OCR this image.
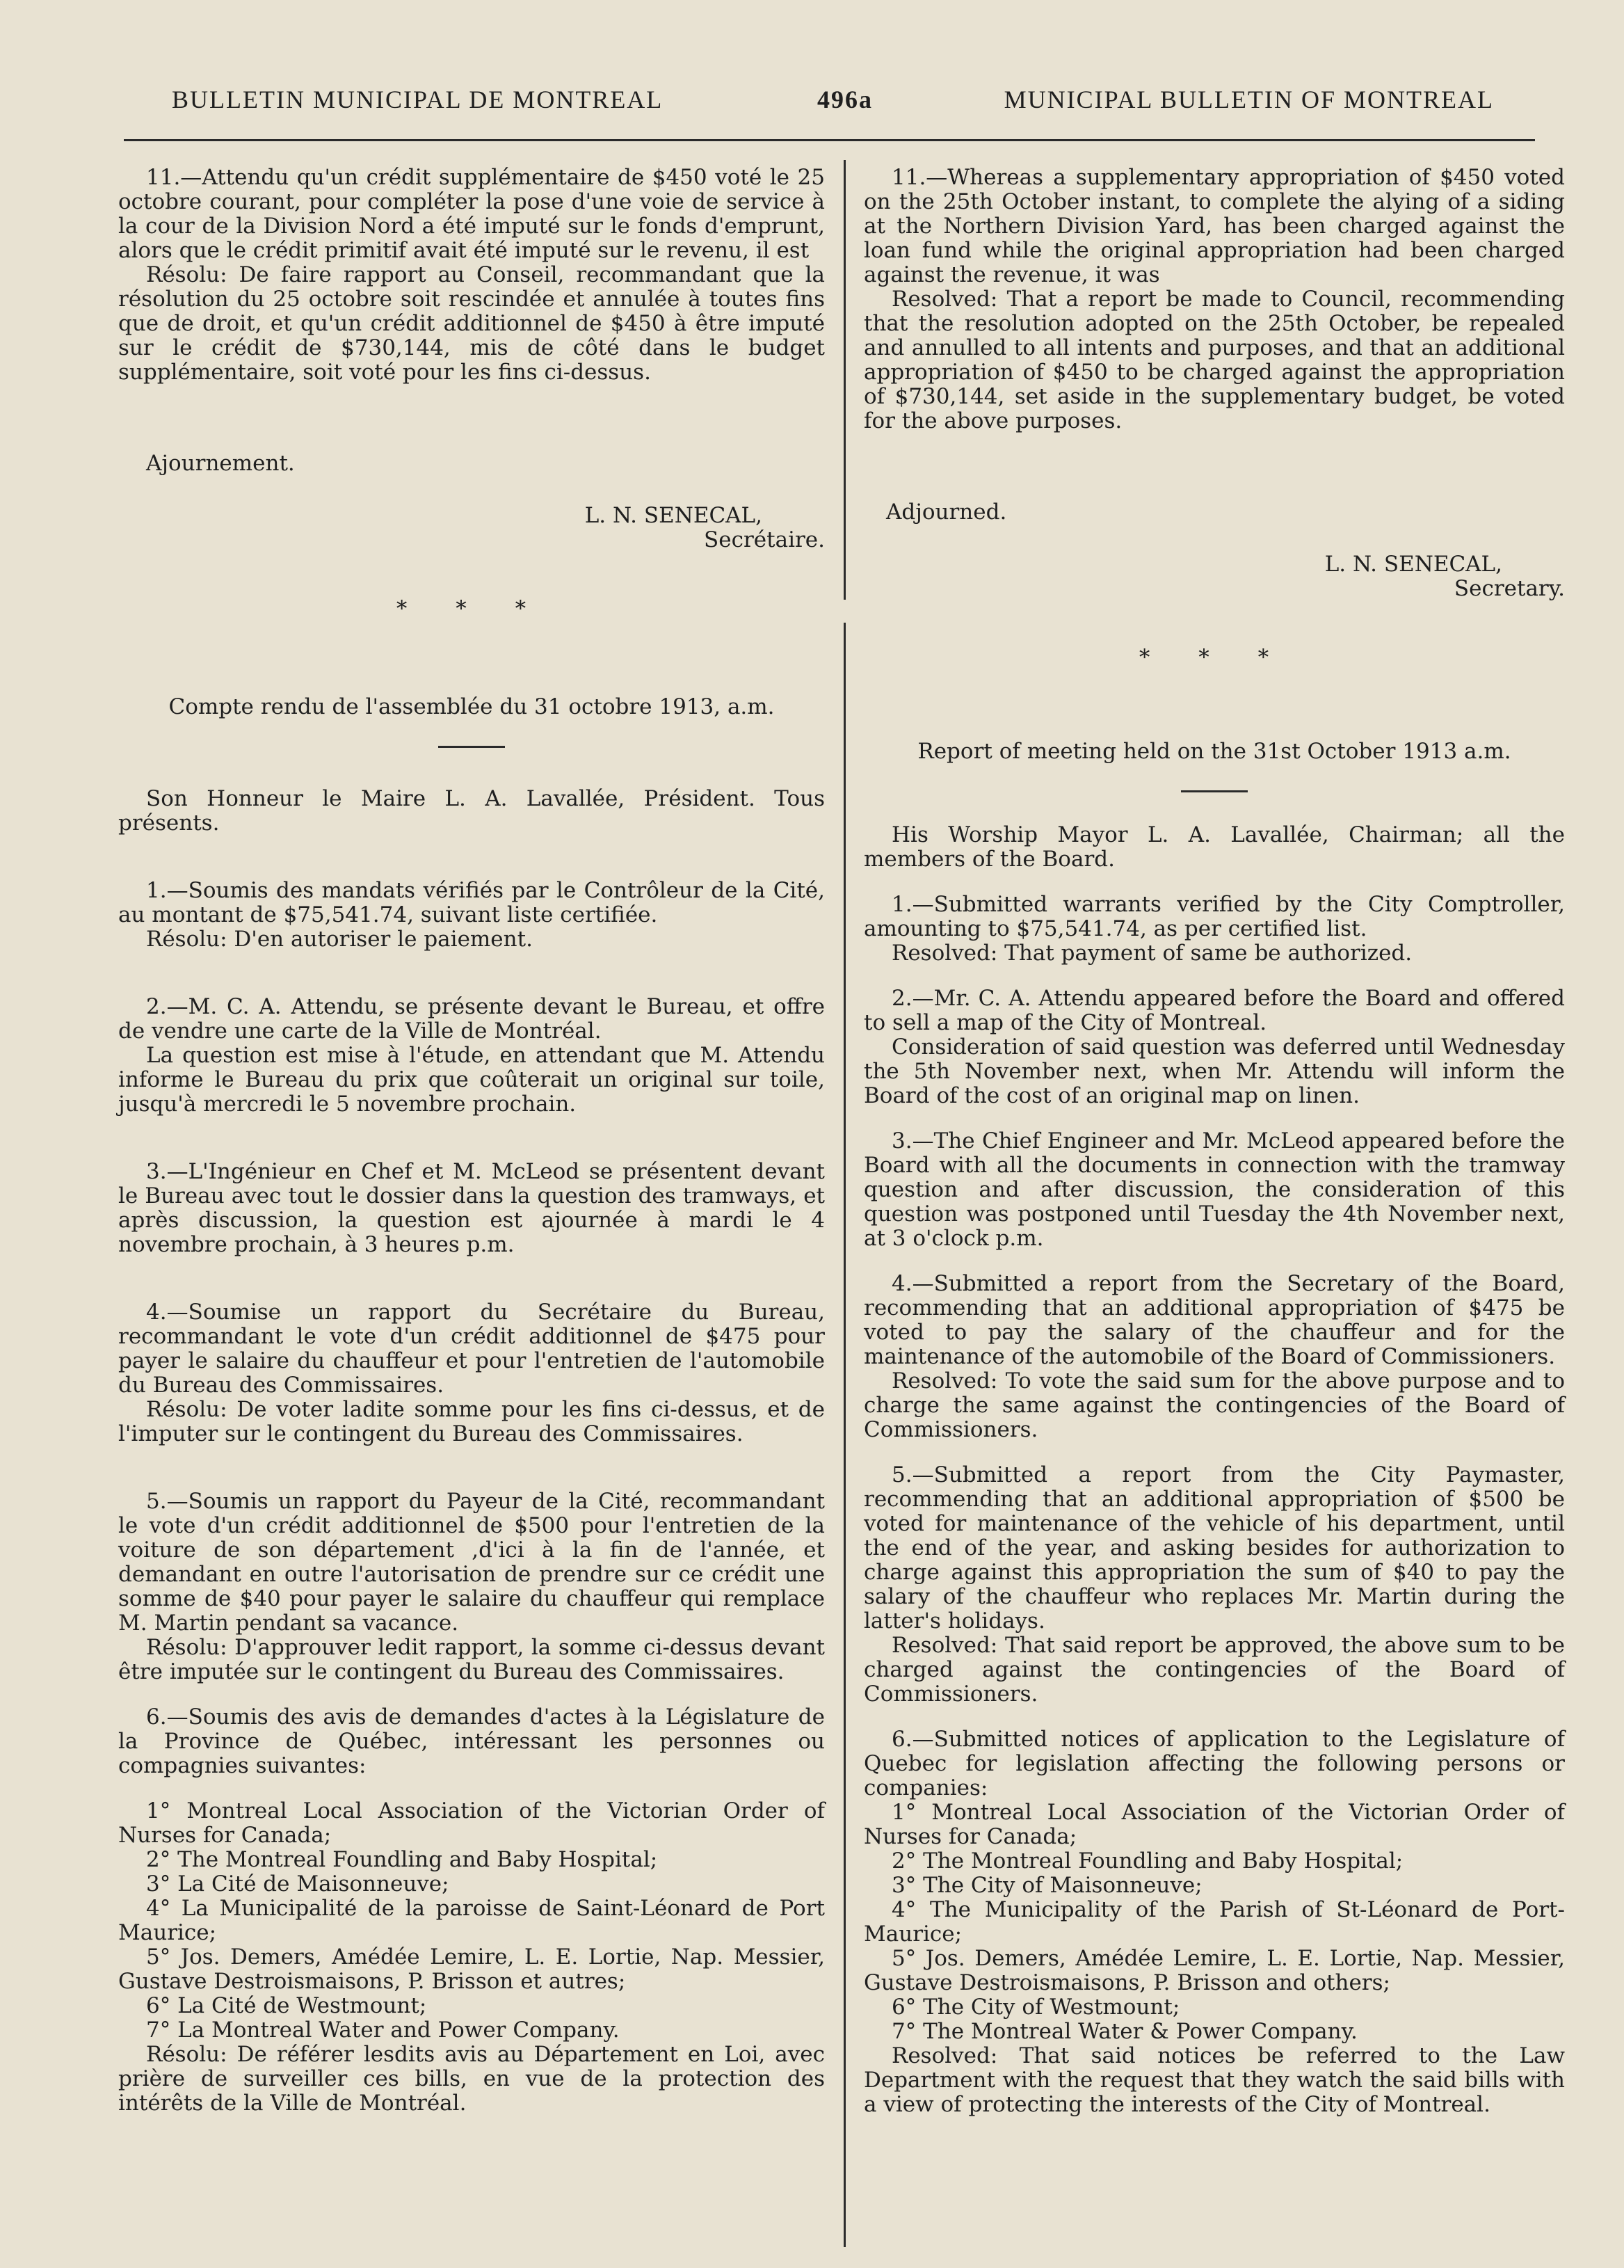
BULLETIN MUNICIPAL DE MONTREAL	496a	MUNICIPAL BULLETIN OF MONTREAL

11.—Attendu qu'un crédit supplémentaire de $450 voté le 25 octobre courant, pour compléter la pose d'une voie de service à la cour de la Division Nord a été imputé sur le fonds d'emprunt, alors que le crédit primitif avait été imputé sur le revenu, il est

Résolu: De faire rapport au Conseil, recommandant que la résolution du 25 octobre soit rescindée et annulée à toutes fins que de droit, et qu'un crédit additionnel de $450 à être imputé sur le crédit de $730,144, mis de côté dans le budget supplémentaire, soit voté pour les fins ci-dessus.

Ajournement.

L. N. SENECAL,
Secrétaire.

* * *

Compte rendu de l'assemblée du 31 octobre 1913, a.m.

Son Honneur le Maire L. A. Lavallée, Président. Tous présents.

1.—Soumis des mandats vérifiés par le Contrôleur de la Cité, au montant de $75,541.74, suivant liste certifiée.

Résolu: D'en autoriser le paiement.

2.—M. C. A. Attendu, se présente devant le Bureau, et offre de vendre une carte de la Ville de Montréal.

La question est mise à l'étude, en attendant que M. Attendu informe le Bureau du prix que coûterait un original sur toile, jusqu'à mercredi le 5 novembre prochain.

3.—L'Ingénieur en Chef et M. McLeod se présentent devant le Bureau avec tout le dossier dans la question des tramways, et après discussion, la question est ajournée à mardi le 4 novembre prochain, à 3 heures p.m.

4.—Soumise un rapport du Secrétaire du Bureau, recommandant le vote d'un crédit additionnel de $475 pour payer le salaire du chauffeur et pour l'entretien de l'automobile du Bureau des Commissaires.

Résolu: De voter ladite somme pour les fins ci-dessus, et de l'imputer sur le contingent du Bureau des Commissaires.

5.—Soumis un rapport du Payeur de la Cité, recommandant le vote d'un crédit additionnel de $500 pour l'entretien de la voiture de son département ,d'ici à la fin de l'année, et demandant en outre l'autorisation de prendre sur ce crédit une somme de $40 pour payer le salaire du chauffeur qui remplace M. Martin pendant sa vacance.

Résolu: D'approuver ledit rapport, la somme ci-dessus devant être imputée sur le contingent du Bureau des Commissaires.

6.—Soumis des avis de demandes d'actes à la Législature de la Province de Québec, intéressant les personnes ou compagnies suivantes:

1° Montreal Local Association of the Victorian Order of Nurses for Canada;

2° The Montreal Foundling and Baby Hospital;

3° La Cité de Maisonneuve;

4° La Municipalité de la paroisse de Saint-Léonard de Port Maurice;

5° Jos. Demers, Amédée Lemire, L. E. Lortie, Nap. Messier, Gustave Destroismaisons, P. Brisson et autres;

6° La Cité de Westmount;

7° La Montreal Water and Power Company.

Résolu: De référer lesdits avis au Département en Loi, avec prière de surveiller ces bills, en vue de la protection des intérêts de la Ville de Montréal.

11.—Whereas a supplementary appropriation of $450 voted on the 25th October instant, to complete the alying of a siding at the Northern Division Yard, has been charged against the loan fund while the original appropriation had been charged against the revenue, it was

Resolved: That a report be made to Council, recommending that the resolution adopted on the 25th October, be repealed and annulled to all intents and purposes, and that an additional appropriation of $450 to be charged against the appropriation of $730,144, set aside in the supplementary budget, be voted for the above purposes.

Adjourned.

L. N. SENECAL,
Secretary.

* * *

Report of meeting held on the 31st October 1913 a.m.

His Worship Mayor L. A. Lavallée, Chairman; all the members of the Board.

1.—Submitted warrants verified by the City Comptroller, amounting to $75,541.74, as per certified list.

Resolved: That payment of same be authorized.

2.—Mr. C. A. Attendu appeared before the Board and offered to sell a map of the City of Montreal.

Consideration of said question was deferred until Wednesday the 5th November next, when Mr. Attendu will inform the Board of the cost of an original map on linen.

3.—The Chief Engineer and Mr. McLeod appeared before the Board with all the documents in connection with the tramway question and after discussion, the consideration of this question was postponed until Tuesday the 4th November next, at 3 o'clock p.m.

4.—Submitted a report from the Secretary of the Board, recommending that an additional appropriation of $475 be voted to pay the salary of the chauffeur and for the maintenance of the automobile of the Board of Commissioners.

Resolved: To vote the said sum for the above purpose and to charge the same against the contingencies of the Board of Commissioners.

5.—Submitted a report from the City Paymaster, recommending that an additional appropriation of $500 be voted for maintenance of the vehicle of his department, until the end of the year, and asking besides for authorization to charge against this appropriation the sum of $40 to pay the salary of the chauffeur who replaces Mr. Martin during the latter's holidays.

Resolved: That said report be approved, the above sum to be charged against the contingencies of the Board of Commissioners.

6.—Submitted notices of application to the Legislature of Quebec for legislation affecting the following persons or companies:

1° Montreal Local Association of the Victorian Order of Nurses for Canada;

2° The Montreal Foundling and Baby Hospital;

3° The City of Maisonneuve;

4° The Municipality of the Parish of St-Léonard de Port-Maurice;

5° Jos. Demers, Amédée Lemire, L. E. Lortie, Nap. Messier, Gustave Destroismaisons, P. Brisson and others;

6° The City of Westmount;

7° The Montreal Water & Power Company.

Resolved: That said notices be referred to the Law Department with the request that they watch the said bills with a view of protecting the interests of the City of Montreal.
